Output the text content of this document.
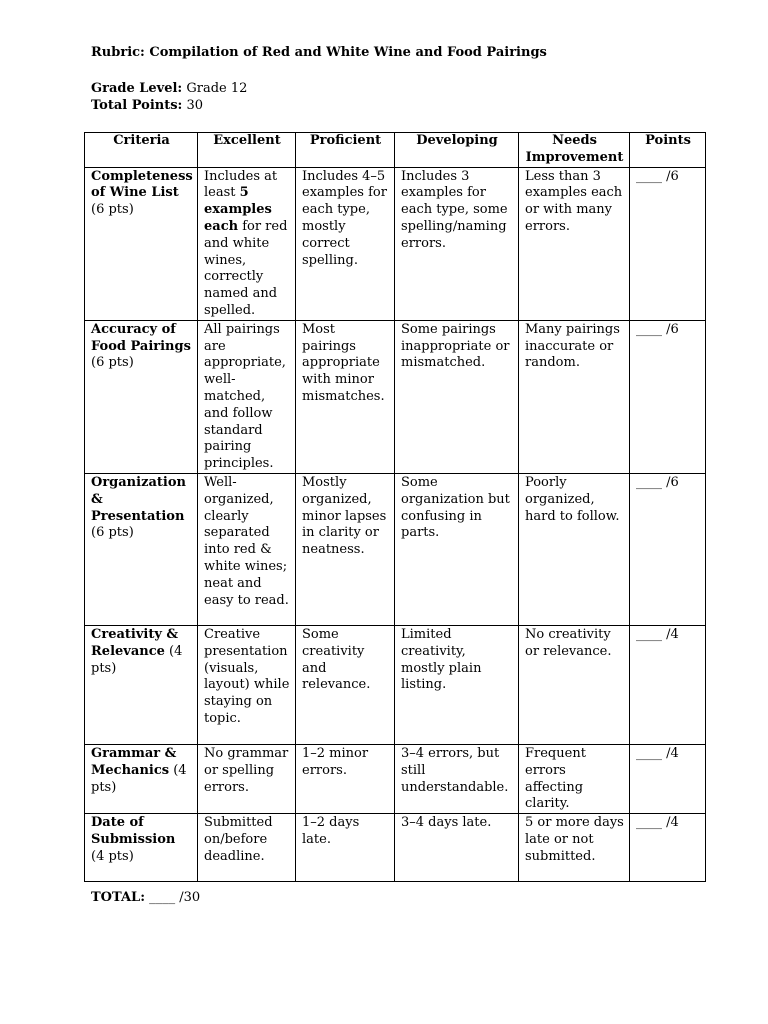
Rubric: Compilation of Red and White Wine and Food Pairings
Grade Level: Grade 12
Total Points: 30
Criteria	Excellent	Proficient	Developing	Needs Improvement	Points
Completeness of Wine List
(6 pts)	Includes at least 5 examples each for red and white wines, correctly named and spelled.	Includes 4–5 examples for each type, mostly correct spelling.	Includes 3 examples for each type, some spelling/naming errors.	Less than 3 examples each or with many errors.	____ /6
Accuracy of Food Pairings
(6 pts)	All pairings are appropriate, well-matched, and follow standard pairing principles.	Most pairings appropriate with minor mismatches.	Some pairings inappropriate or mismatched.	Many pairings inaccurate or random.	____ /6
Organization & Presentation
(6 pts)	Well-organized, clearly separated into red & white wines; neat and easy to read.	Mostly organized, minor lapses in clarity or neatness.	Some organization but confusing in parts.	Poorly organized, hard to follow.	____ /6
Creativity & Relevance (4 pts)	Creative presentation (visuals, layout) while staying on topic.	Some creativity and relevance.	Limited creativity, mostly plain listing.	No creativity or relevance.	____ /4
Grammar & Mechanics (4 pts)	No grammar or spelling errors.	1–2 minor errors.	3–4 errors, but still understandable.	Frequent errors affecting clarity.	____ /4
Date of Submission (4 pts)	Submitted on/before deadline.	1–2 days late.	3–4 days late.	5 or more days late or not submitted.	____ /4
TOTAL: ____ /30
